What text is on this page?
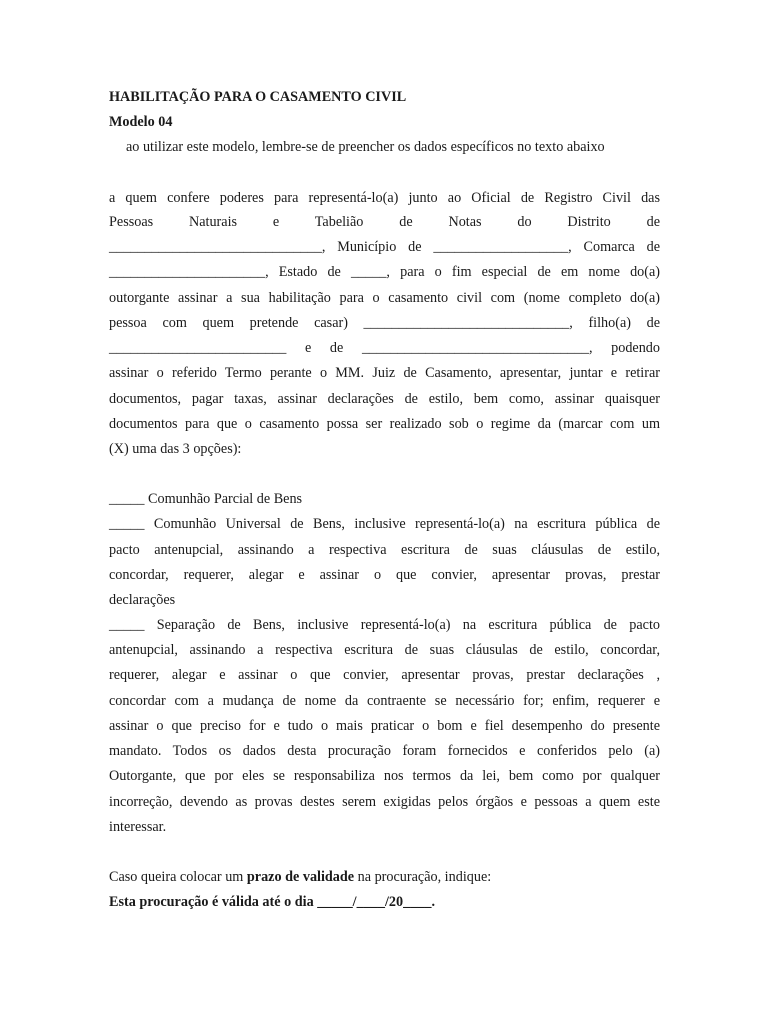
HABILITAÇÃO PARA O CASAMENTO CIVIL
Modelo 04
ao utilizar este modelo, lembre-se de preencher os dados específicos no texto abaixo
a quem confere poderes para representá-lo(a) junto ao Oficial de Registro Civil das
Pessoas Naturais e Tabelião de Notas do Distrito de
______________________________, Município de ___________________, Comarca de
______________________, Estado de _____, para o fim especial de em nome do(a)
outorgante assinar a sua habilitação para o casamento civil com (nome completo do(a)
pessoa com quem pretende casar) _____________________________, filho(a) de
_________________________ e de ________________________________, podendo
assinar o referido Termo perante o MM. Juiz de Casamento, apresentar, juntar e retirar
documentos, pagar taxas, assinar declarações de estilo, bem como, assinar quaisquer
documentos para que o casamento possa ser realizado sob o regime da (marcar com um
(X) uma das 3 opções):
_____ Comunhão Parcial de Bens
_____ Comunhão Universal de Bens, inclusive representá-lo(a) na escritura pública de
pacto antenupcial, assinando a respectiva escritura de suas cláusulas de estilo,
concordar, requerer, alegar e assinar o que convier, apresentar provas, prestar
declarações
_____ Separação de Bens, inclusive representá-lo(a) na escritura pública de pacto
antenupcial, assinando a respectiva escritura de suas cláusulas de estilo, concordar,
requerer, alegar e assinar o que convier, apresentar provas, prestar declarações ,
concordar com a mudança de nome da contraente se necessário for; enfim, requerer e
assinar o que preciso for e tudo o mais praticar o bom e fiel desempenho do presente
mandato. Todos os dados desta procuração foram fornecidos e conferidos pelo (a)
Outorgante, que por eles se responsabiliza nos termos da lei, bem como por qualquer
incorreção, devendo as provas destes serem exigidas pelos órgãos e pessoas a quem este
interessar.
Caso queira colocar um prazo de validade na procuração, indique:
Esta procuração é válida até o dia _____/____/20____.
